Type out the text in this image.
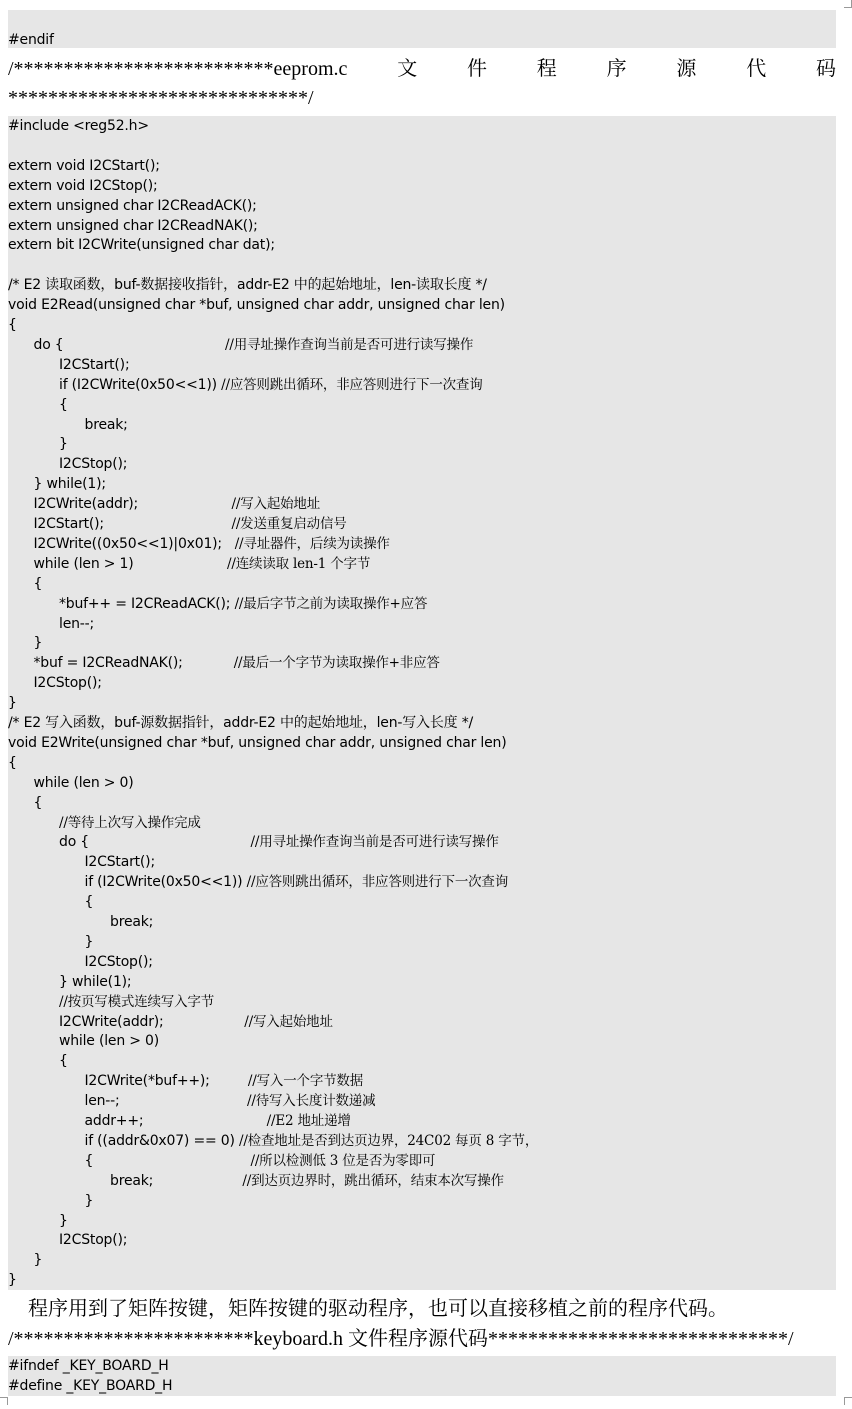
#endif
/**************************eeprom.c 文 件 程 序 源 代 码
******************************/
#include <reg52.h>
extern void I2CStart();
extern void I2CStop();
extern unsigned char I2CReadACK();
extern unsigned char I2CReadNAK();
extern bit I2CWrite(unsigned char dat);
/* E2 读取函数，buf-数据接收指针，addr-E2 中的起始地址，len-读取长度 */
void E2Read(unsigned char *buf, unsigned char addr, unsigned char len)
{
do {                                      //用寻址操作查询当前是否可进行读写操作
I2CStart();
if (I2CWrite(0x50<<1)) //应答则跳出循环，非应答则进行下一次查询
{
break;
}
I2CStop();
} while(1);
I2CWrite(addr);                      //写入起始地址
I2CStart();                              //发送重复启动信号
I2CWrite((0x50<<1)|0x01);   //寻址器件，后续为读操作
while (len > 1)                      //连续读取 len-1 个字节
{
*buf++ = I2CReadACK(); //最后字节之前为读取操作+应答
len--;
}
*buf = I2CReadNAK();            //最后一个字节为读取操作+非应答
I2CStop();
}
/* E2 写入函数，buf-源数据指针，addr-E2 中的起始地址，len-写入长度 */
void E2Write(unsigned char *buf, unsigned char addr, unsigned char len)
{
while (len > 0)
{
//等待上次写入操作完成
do {                                      //用寻址操作查询当前是否可进行读写操作
I2CStart();
if (I2CWrite(0x50<<1)) //应答则跳出循环，非应答则进行下一次查询
{
break;
}
I2CStop();
} while(1);
//按页写模式连续写入字节
I2CWrite(addr);                   //写入起始地址
while (len > 0)
{
I2CWrite(*buf++);         //写入一个字节数据
len--;                              //待写入长度计数递减
addr++;                             //E2 地址递增
if ((addr&0x07) == 0) //检查地址是否到达页边界，24C02 每页 8 字节，
{                                     //所以检测低 3 位是否为零即可
break;                     //到达页边界时，跳出循环，结束本次写操作
}
}
I2CStop();
}
}
程序用到了矩阵按键，矩阵按键的驱动程序，也可以直接移植之前的程序代码。
/************************keyboard.h 文件程序源代码******************************/
#ifndef _KEY_BOARD_H
#define _KEY_BOARD_H
